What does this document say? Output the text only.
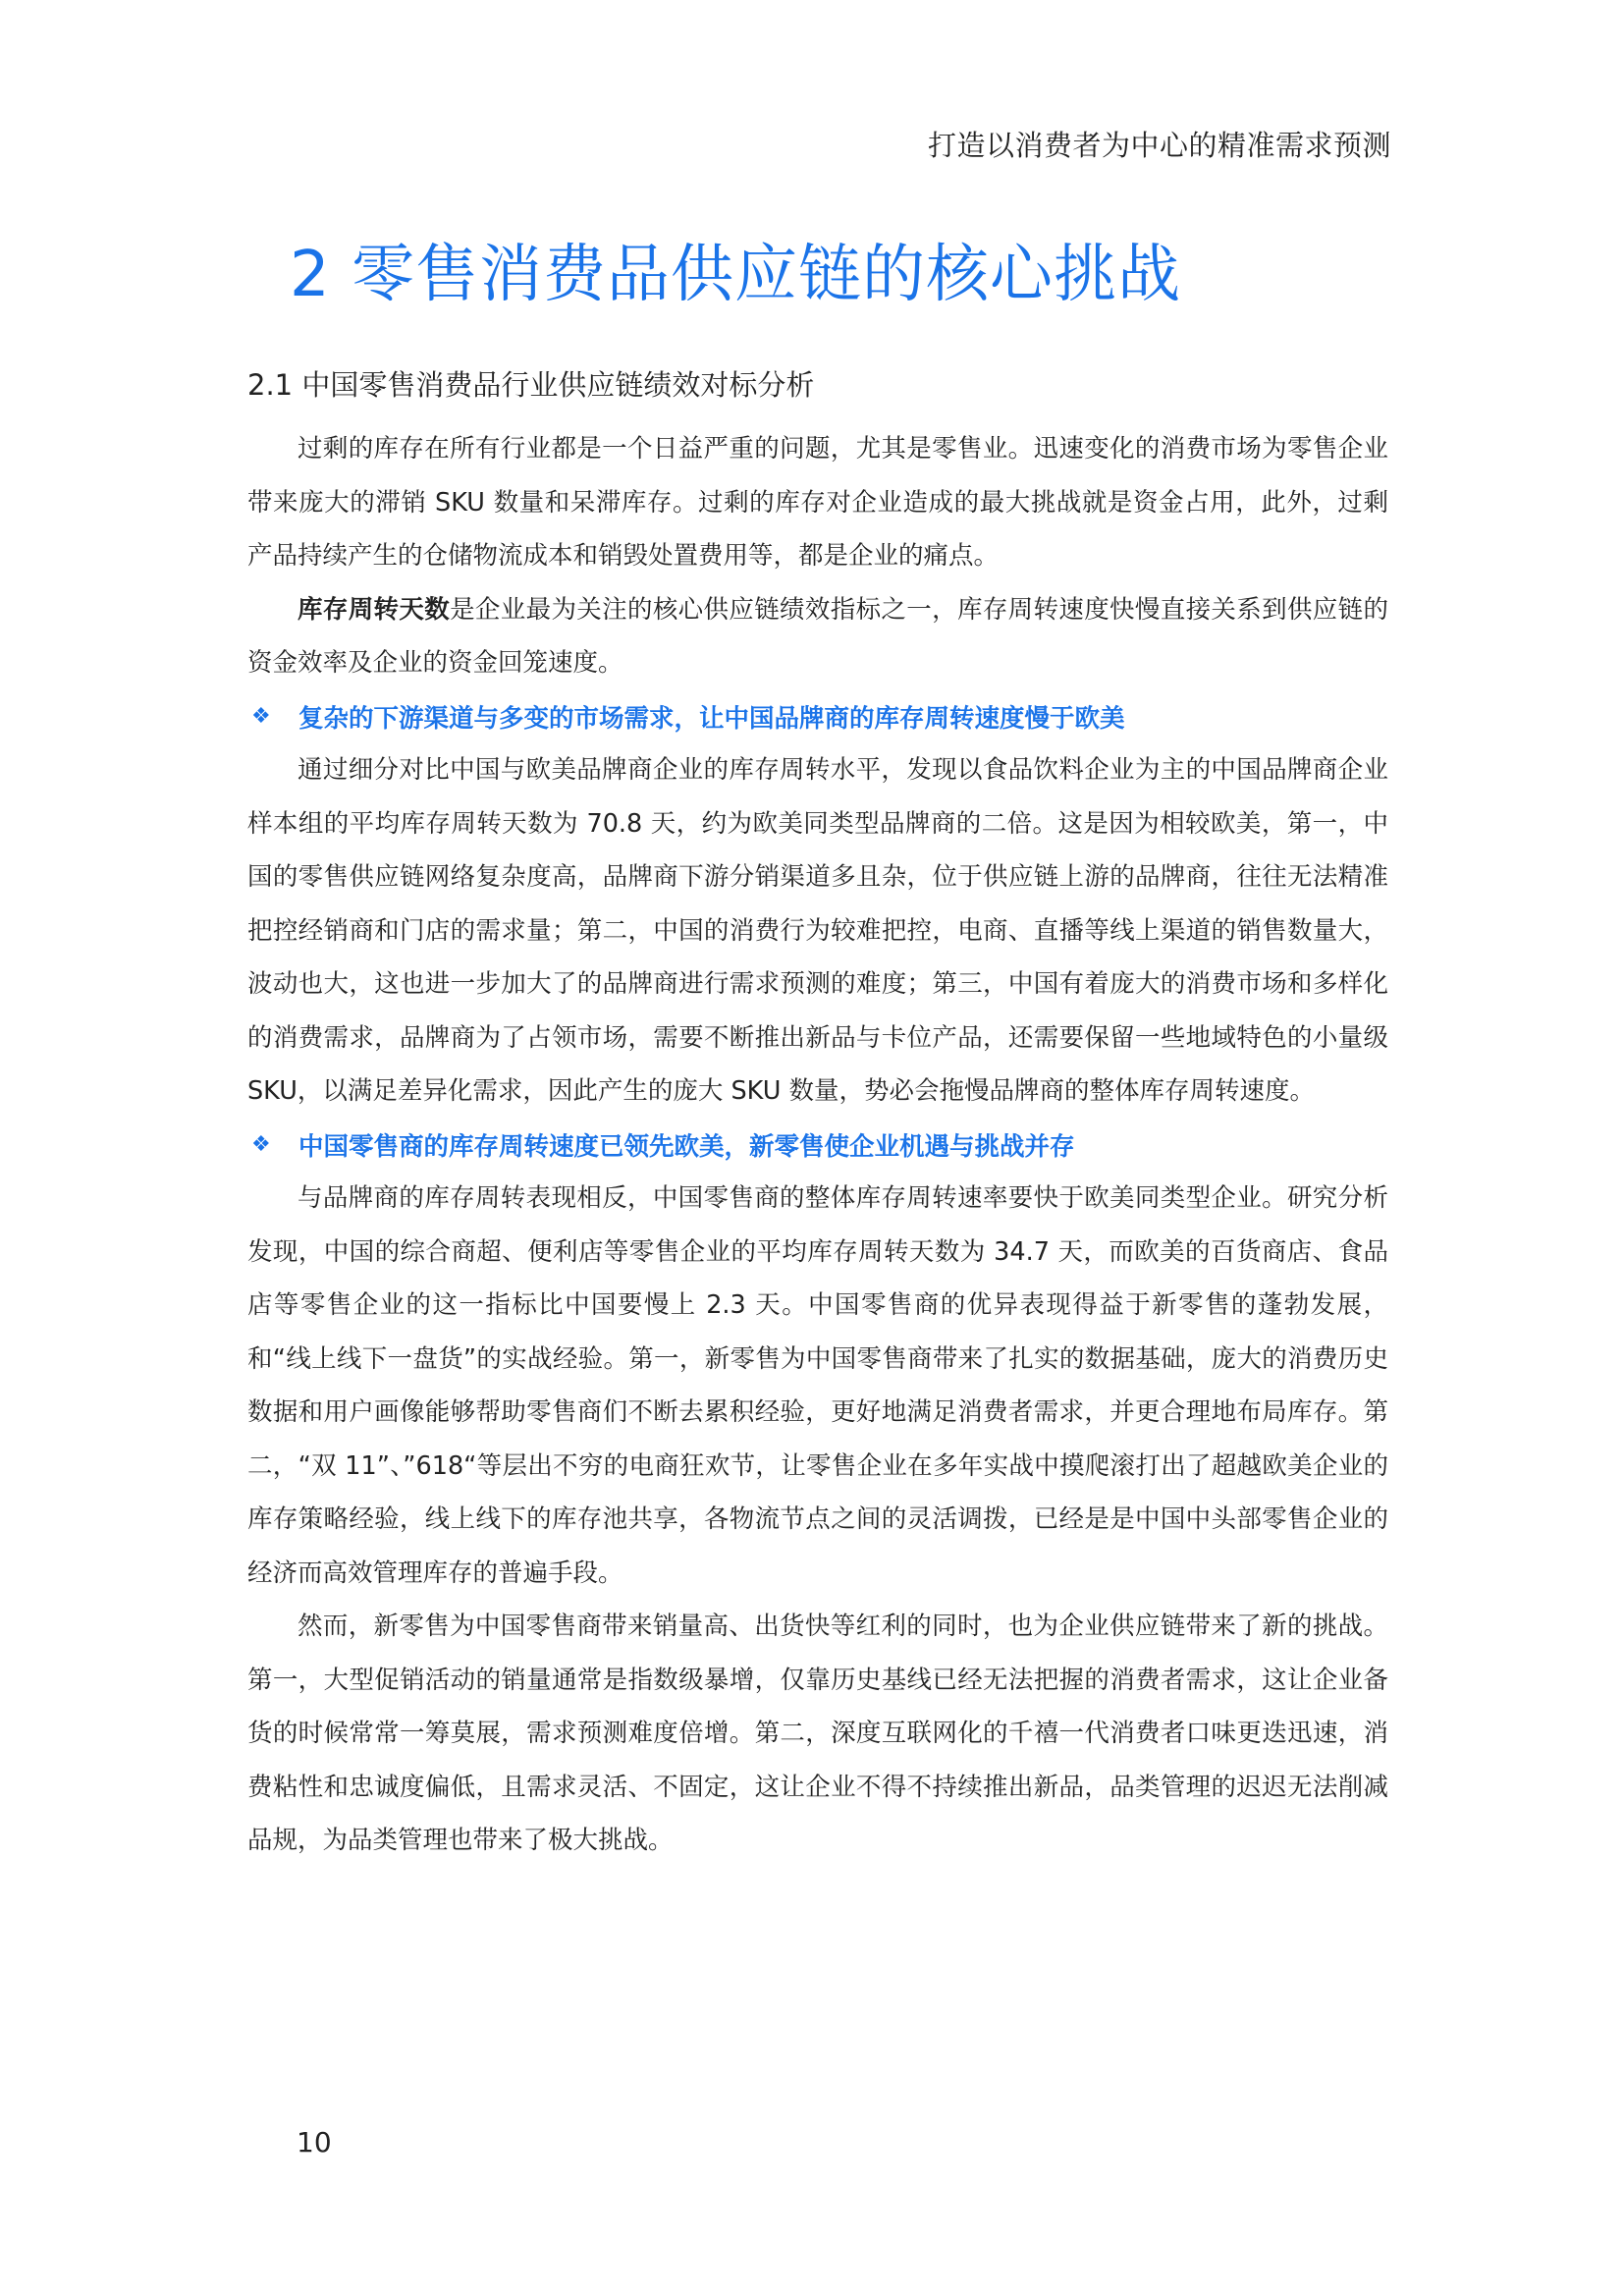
打造以消费者为中心的精准需求预测
2 零售消费品供应链的核心挑战
2.1 中国零售消费品行业供应链绩效对标分析

过剩的库存在所有行业都是一个日益严重的问题，尤其是零售业。迅速变化的消费市场为零售企业带来庞大的滞销 SKU 数量和呆滞库存。过剩的库存对企业造成的最大挑战就是资金占用，此外，过剩产品持续产生的仓储物流成本和销毁处置费用等，都是企业的痛点。

库存周转天数是企业最为关注的核心供应链绩效指标之一，库存周转速度快慢直接关系到供应链的资金效率及企业的资金回笼速度。

❖	复杂的下游渠道与多变的市场需求，让中国品牌商的库存周转速度慢于欧美

通过细分对比中国与欧美品牌商企业的库存周转水平，发现以食品饮料企业为主的中国品牌商企业样本组的平均库存周转天数为 70.8 天，约为欧美同类型品牌商的二倍。这是因为相较欧美，第一，中国的零售供应链网络复杂度高，品牌商下游分销渠道多且杂，位于供应链上游的品牌商，往往无法精准把控经销商和门店的需求量；第二，中国的消费行为较难把控，电商、直播等线上渠道的销售数量大，波动也大，这也进一步加大了的品牌商进行需求预测的难度；第三，中国有着庞大的消费市场和多样化的消费需求，品牌商为了占领市场，需要不断推出新品与卡位产品，还需要保留一些地域特色的小量级 SKU，以满足差异化需求，因此产生的庞大 SKU 数量，势必会拖慢品牌商的整体库存周转速度。

❖	中国零售商的库存周转速度已领先欧美，新零售使企业机遇与挑战并存

与品牌商的库存周转表现相反，中国零售商的整体库存周转速率要快于欧美同类型企业。研究分析发现，中国的综合商超、便利店等零售企业的平均库存周转天数为 34.7 天，而欧美的百货商店、食品店等零售企业的这一指标比中国要慢上 2.3 天。中国零售商的优异表现得益于新零售的蓬勃发展，和“线上线下一盘货”的实战经验。第一，新零售为中国零售商带来了扎实的数据基础，庞大的消费历史数据和用户画像能够帮助零售商们不断去累积经验，更好地满足消费者需求，并更合理地布局库存。第二，“双 11”、”618“等层出不穷的电商狂欢节，让零售企业在多年实战中摸爬滚打出了超越欧美企业的库存策略经验，线上线下的库存池共享，各物流节点之间的灵活调拨，已经是是中国中头部零售企业的经济而高效管理库存的普遍手段。

然而，新零售为中国零售商带来销量高、出货快等红利的同时，也为企业供应链带来了新的挑战。第一，大型促销活动的销量通常是指数级暴增，仅靠历史基线已经无法把握的消费者需求，这让企业备货的时候常常一筹莫展，需求预测难度倍增。第二，深度互联网化的千禧一代消费者口味更迭迅速，消费粘性和忠诚度偏低，且需求灵活、不固定，这让企业不得不持续推出新品，品类管理的迟迟无法削减品规，为品类管理也带来了极大挑战。

10
